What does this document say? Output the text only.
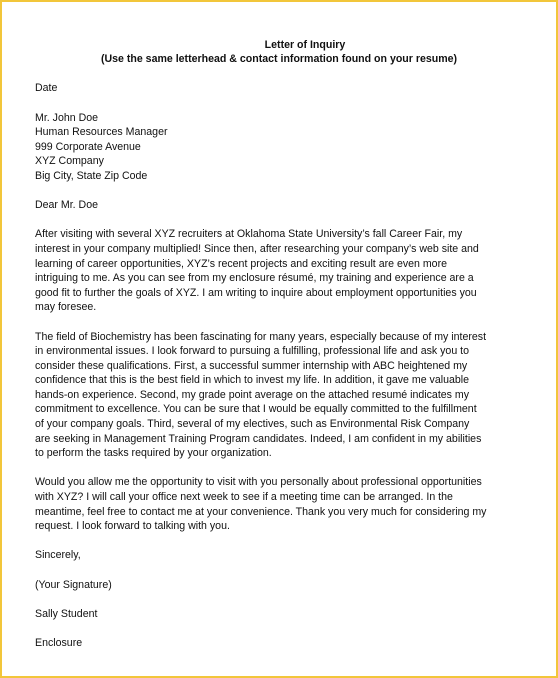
Letter of Inquiry
(Use the same letterhead & contact information found on your resume)
Date
Mr. John Doe
Human Resources Manager
999 Corporate Avenue
XYZ Company
Big City, State Zip Code
Dear Mr. Doe
After visiting with several XYZ recruiters at Oklahoma State University’s fall Career Fair, my
interest in your company multiplied! Since then, after researching your company’s web site and
learning of career opportunities, XYZ’s recent projects and exciting result are even more
intriguing to me. As you can see from my enclosure résumé, my training and experience are a
good fit to further the goals of XYZ. I am writing to inquire about employment opportunities you
may foresee.
The field of Biochemistry has been fascinating for many years, especially because of my interest
in environmental issues. I look forward to pursuing a fulfilling, professional life and ask you to
consider these qualifications. First, a successful summer internship with ABC heightened my
confidence that this is the best field in which to invest my life. In addition, it gave me valuable
hands-on experience. Second, my grade point average on the attached resumé indicates my
commitment to excellence. You can be sure that I would be equally committed to the fulfillment
of your company goals. Third, several of my electives, such as Environmental Risk Company
are seeking in Management Training Program candidates. Indeed, I am confident in my abilities
to perform the tasks required by your organization.
Would you allow me the opportunity to visit with you personally about professional opportunities
with XYZ? I will call your office next week to see if a meeting time can be arranged. In the
meantime, feel free to contact me at your convenience. Thank you very much for considering my
request. I look forward to talking with you.
Sincerely,
(Your Signature)
Sally Student
Enclosure
